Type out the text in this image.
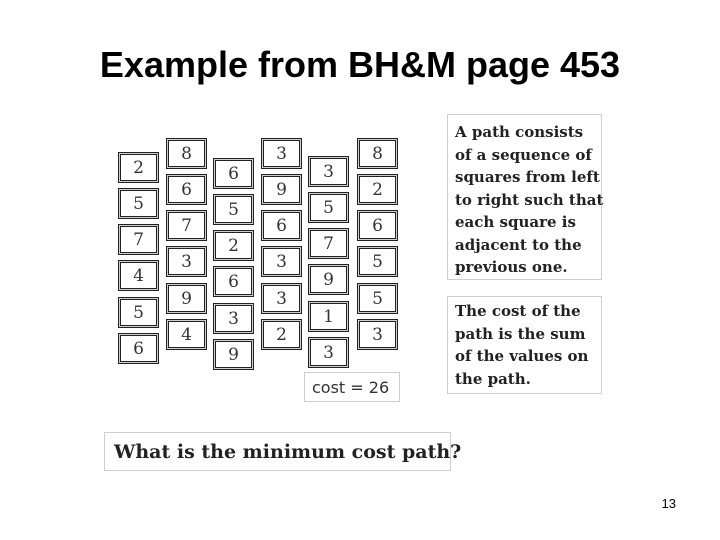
Example from BH&M page 453
2
5
7
4
5
6
8
6
7
3
9
4
6
5
2
6
3
9
3
9
6
3
3
2
3
5
7
9
1
3
8
2
6
5
5
3
cost = 26
A path consists
of a sequence of
squares from left
to right such that
each square is
adjacent to the
previous one.
The cost of the
path is the sum
of the values on
the path.
What is the minimum cost path?
13
